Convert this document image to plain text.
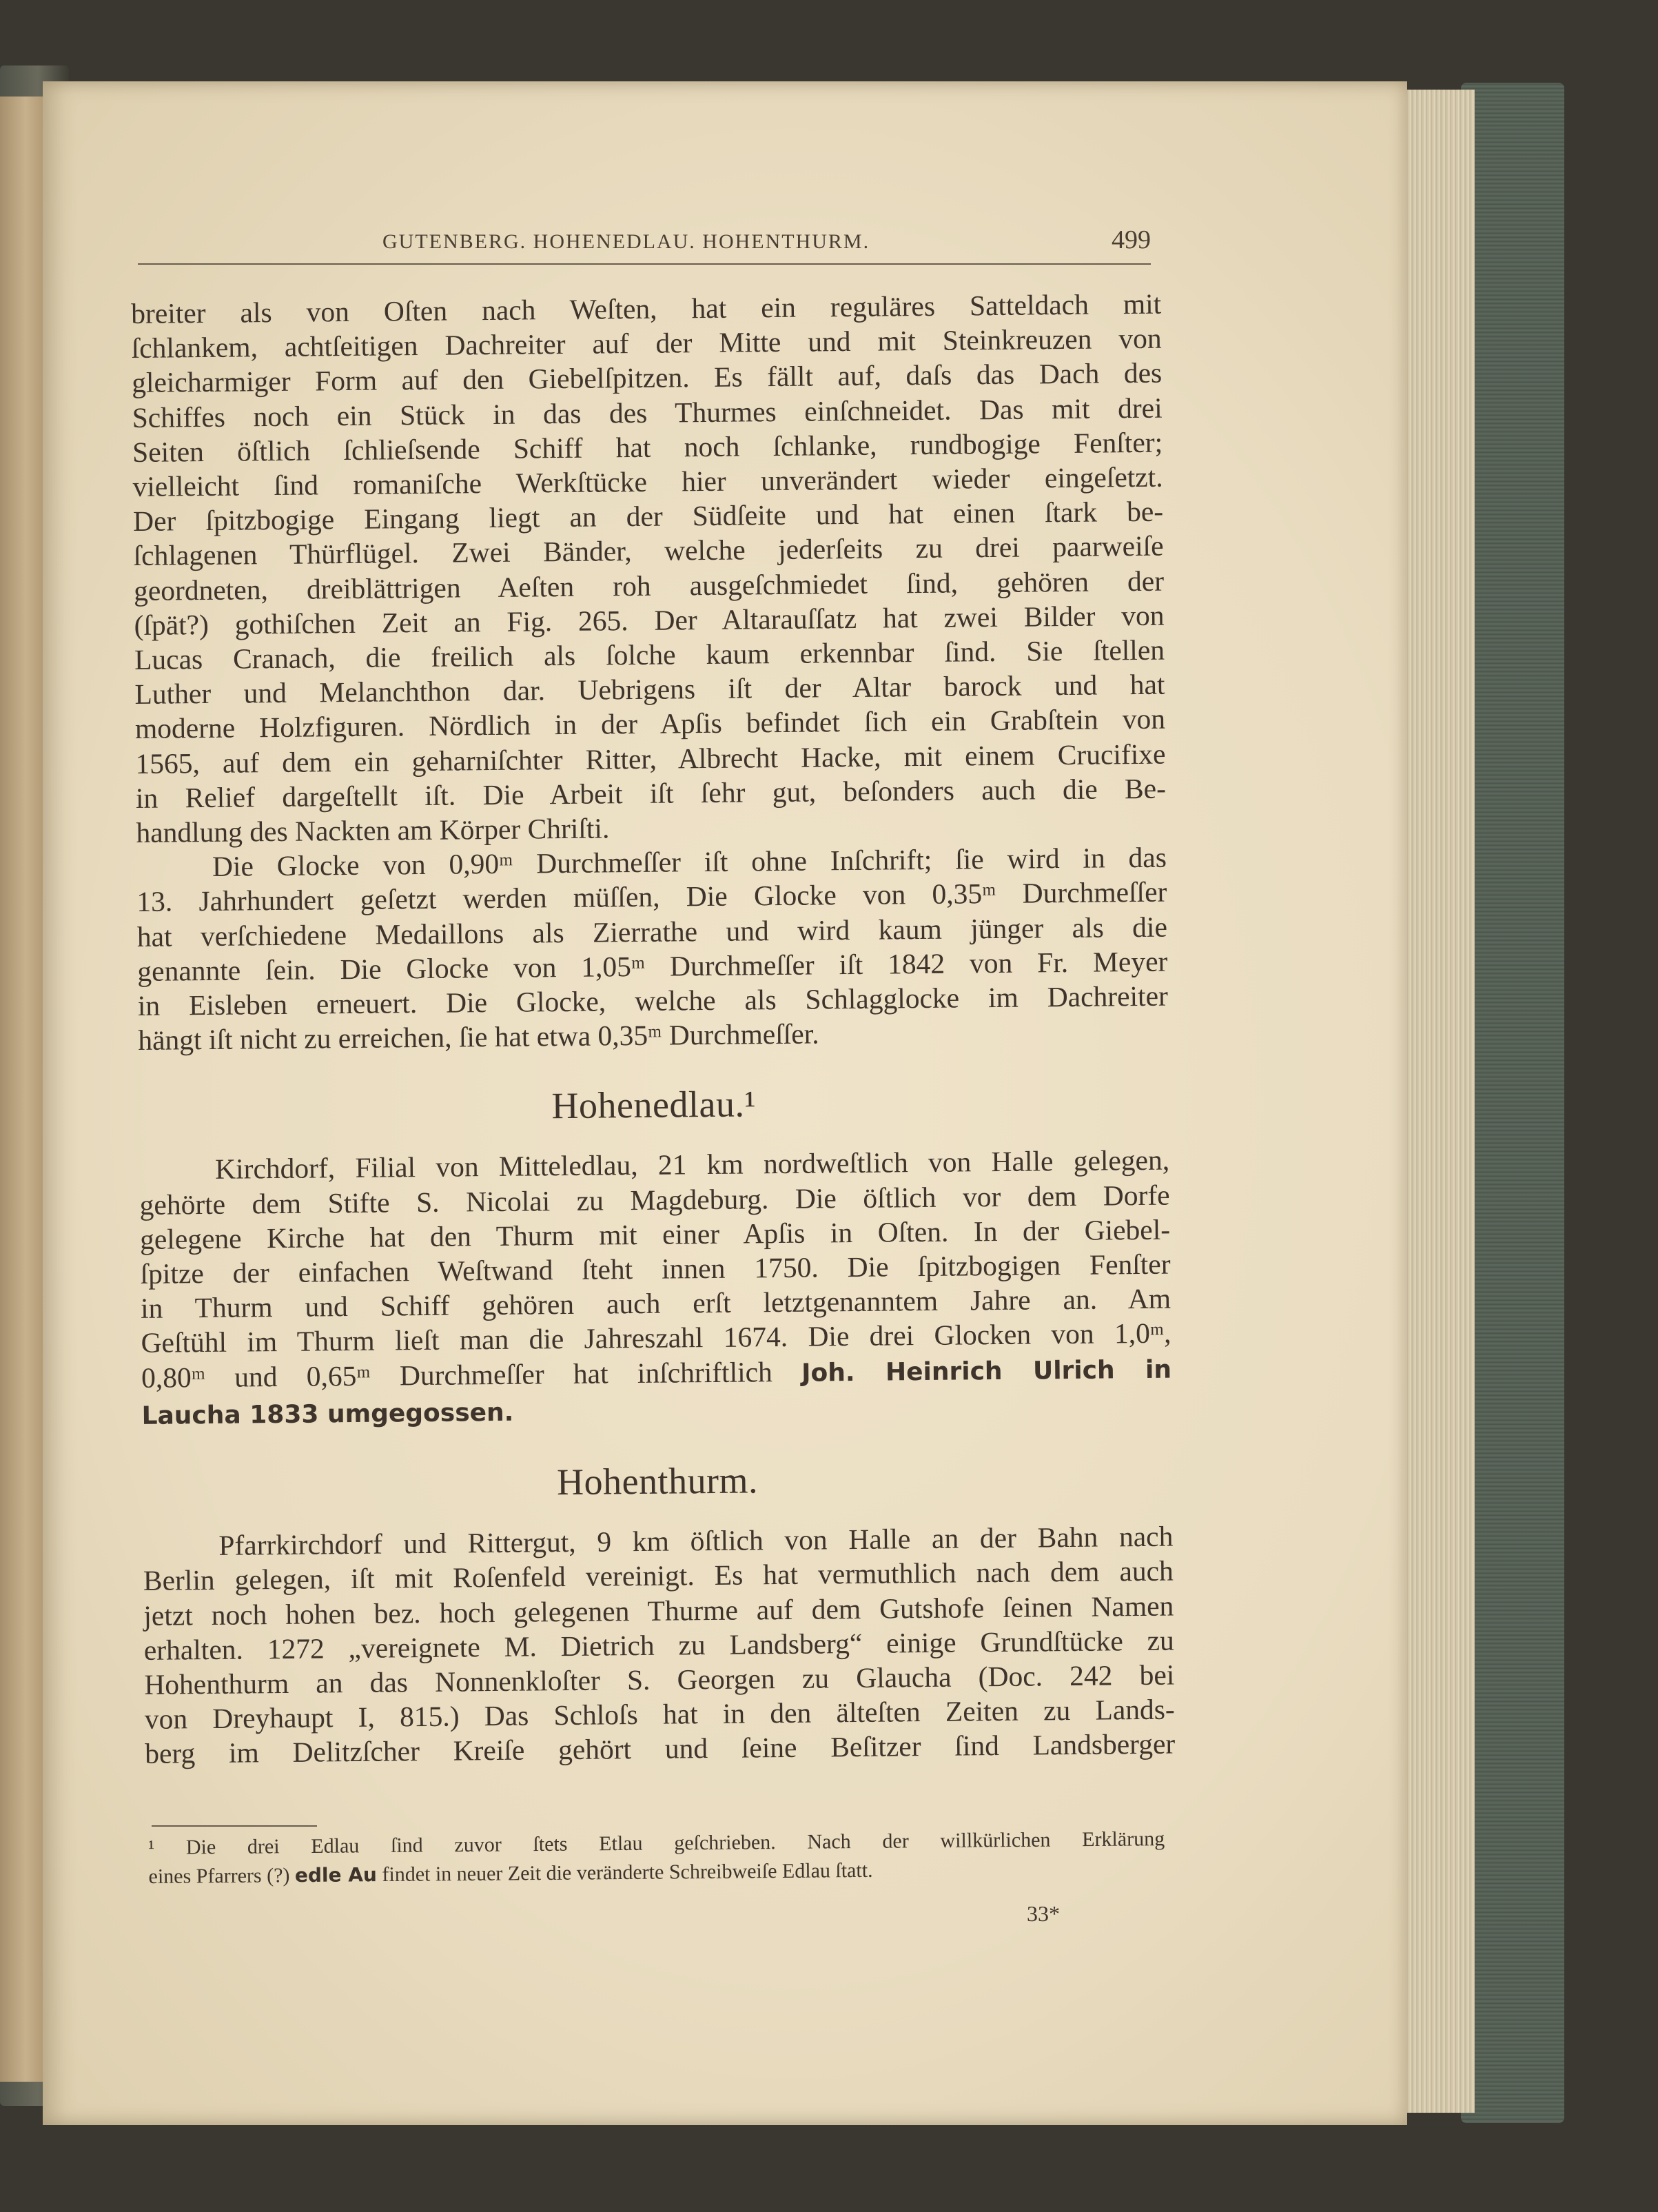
GUTENBERG. HOHENEDLAU. HOHENTHURM.	499

breiter als von Oſten nach Weſten, hat ein reguläres Satteldach mit
ſchlankem, achtſeitigen Dachreiter auf der Mitte und mit Steinkreuzen von
gleicharmiger Form auf den Giebelſpitzen. Es fällt auf, daſs das Dach des
Schiffes noch ein Stück in das des Thurmes einſchneidet. Das mit drei
Seiten öſtlich ſchlieſsende Schiff hat noch ſchlanke, rundbogige Fenſter;
vielleicht ſind romaniſche Werkſtücke hier unverändert wieder eingeſetzt.
Der ſpitzbogige Eingang liegt an der Südſeite und hat einen ſtark be-
ſchlagenen Thürflügel. Zwei Bänder, welche jederſeits zu drei paarweiſe
geordneten, dreiblättrigen Aeſten roh ausgeſchmiedet ſind, gehören der
(ſpät?) gothiſchen Zeit an Fig. 265. Der Altarauſſatz hat zwei Bilder von
Lucas Cranach, die freilich als ſolche kaum erkennbar ſind. Sie ſtellen
Luther und Melanchthon dar. Uebrigens iſt der Altar barock und hat
moderne Holzfiguren. Nördlich in der Apſis befindet ſich ein Grabſtein von
1565, auf dem ein geharniſchter Ritter, Albrecht Hacke, mit einem Crucifixe
in Relief dargeſtellt iſt. Die Arbeit iſt ſehr gut, beſonders auch die Be-
handlung des Nackten am Körper Chriſti.

Die Glocke von 0,90ᵐ Durchmeſſer iſt ohne Inſchrift; ſie wird in das
13. Jahrhundert geſetzt werden müſſen, Die Glocke von 0,35ᵐ Durchmeſſer
hat verſchiedene Medaillons als Zierrathe und wird kaum jünger als die
genannte ſein. Die Glocke von 1,05ᵐ Durchmeſſer iſt 1842 von Fr. Meyer
in Eisleben erneuert. Die Glocke, welche als Schlagglocke im Dachreiter
hängt iſt nicht zu erreichen, ſie hat etwa 0,35ᵐ Durchmeſſer.

Hohenedlau.¹

Kirchdorf, Filial von Mitteledlau, 21 km nordweſtlich von Halle gelegen,
gehörte dem Stifte S. Nicolai zu Magdeburg. Die öſtlich vor dem Dorfe
gelegene Kirche hat den Thurm mit einer Apſis in Oſten. In der Giebel-
ſpitze der einfachen Weſtwand ſteht innen 1750. Die ſpitzbogigen Fenſter
in Thurm und Schiff gehören auch erſt letztgenanntem Jahre an. Am
Geſtühl im Thurm lieſt man die Jahreszahl 1674. Die drei Glocken von 1,0ᵐ,
0,80ᵐ und 0,65ᵐ Durchmeſſer hat inſchriftlich Joh. Heinrich Ulrich in
Laucha 1833 umgegossen.

Hohenthurm.

Pfarrkirchdorf und Rittergut, 9 km öſtlich von Halle an der Bahn nach
Berlin gelegen, iſt mit Roſenfeld vereinigt. Es hat vermuthlich nach dem auch
jetzt noch hohen bez. hoch gelegenen Thurme auf dem Gutshofe ſeinen Namen
erhalten. 1272 „vereignete M. Dietrich zu Landsberg“ einige Grundſtücke zu
Hohenthurm an das Nonnenkloſter S. Georgen zu Glaucha (Doc. 242 bei
von Dreyhaupt I, 815.) Das Schloſs hat in den älteſten Zeiten zu Lands-
berg im Delitzſcher Kreiſe gehört und ſeine Beſitzer ſind Landsberger

¹ Die drei Edlau ſind zuvor ſtets Etlau geſchrieben. Nach der willkürlichen Erklärung
eines Pfarrers (?) edle Au findet in neuer Zeit die veränderte Schreibweiſe Edlau ſtatt.
33*
